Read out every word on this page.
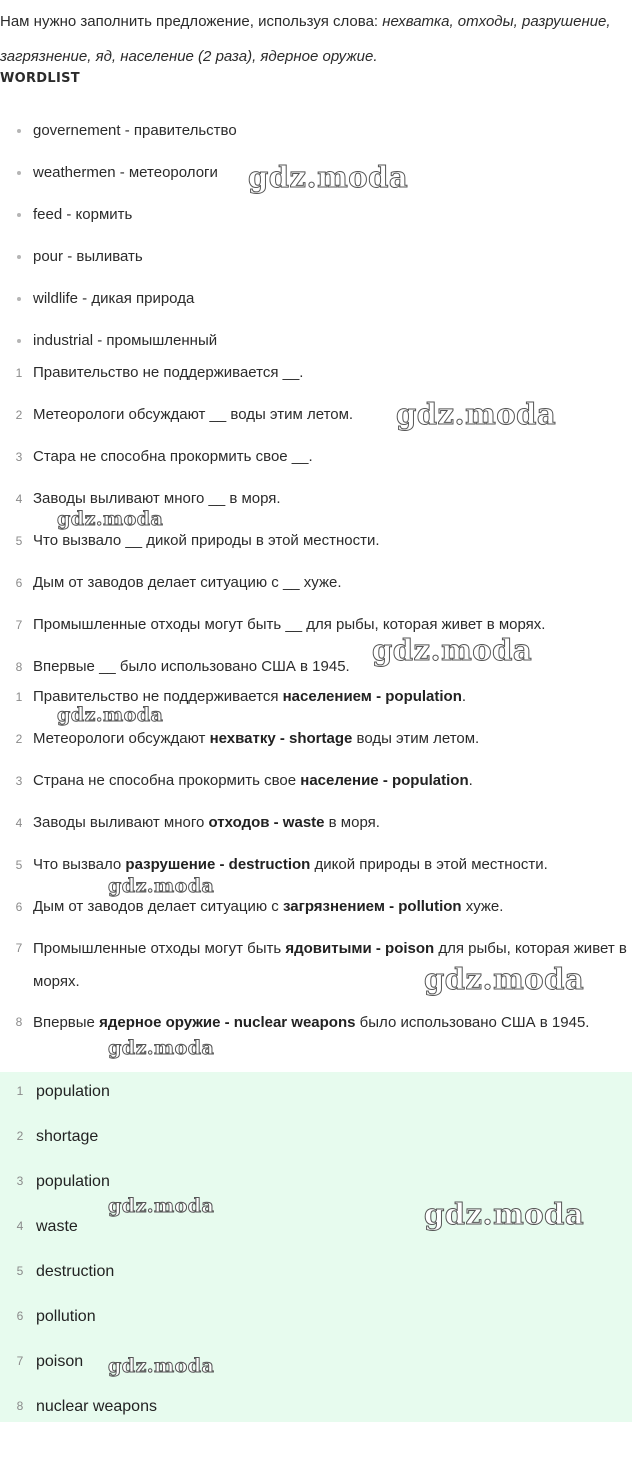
Нам нужно заполнить предложение, используя слова: нехватка, отходы, разрушение, загрязнение, яд, население (2 раза), ядерное оружие.
WORDLIST
governement - правительство
weathermen - метеорологи
feed - кормить
pour - выливать
wildlife - дикая природа
industrial - промышленный
1 Правительство не поддерживается __.
2 Метеорологи обсуждают __ воды этим летом.
3 Стара не способна прокормить свое __.
4 Заводы выливают много __ в моря.
5 Что вызвало __ дикой природы в этой местности.
6 Дым от заводов делает ситуацию с __ хуже.
7 Промышленные отходы могут быть __ для рыбы, которая живет в морях.
8 Впервые __ было использовано США в 1945.
1 Правительство не поддерживается населением - population.
2 Метеорологи обсуждают нехватку - shortage воды этим летом.
3 Страна не способна прокормить свое население - population.
4 Заводы выливают много отходов - waste в моря.
5 Что вызвало разрушение - destruction дикой природы в этой местности.
6 Дым от заводов делает ситуацию с загрязнением - pollution хуже.
7 Промышленные отходы могут быть ядовитыми - poison для рыбы, которая живет в морях.
8 Впервые ядерное оружие - nuclear weapons было использовано США в 1945.
1 population
2 shortage
3 population
4 waste
5 destruction
6 pollution
7 poison
8 nuclear weapons
gdz.moda
gdz.moda
gdz.moda
gdz.moda
gdz.moda
gdz.moda
gdz.moda
gdz.moda
gdz.moda	gdz.moda
gdz.moda
